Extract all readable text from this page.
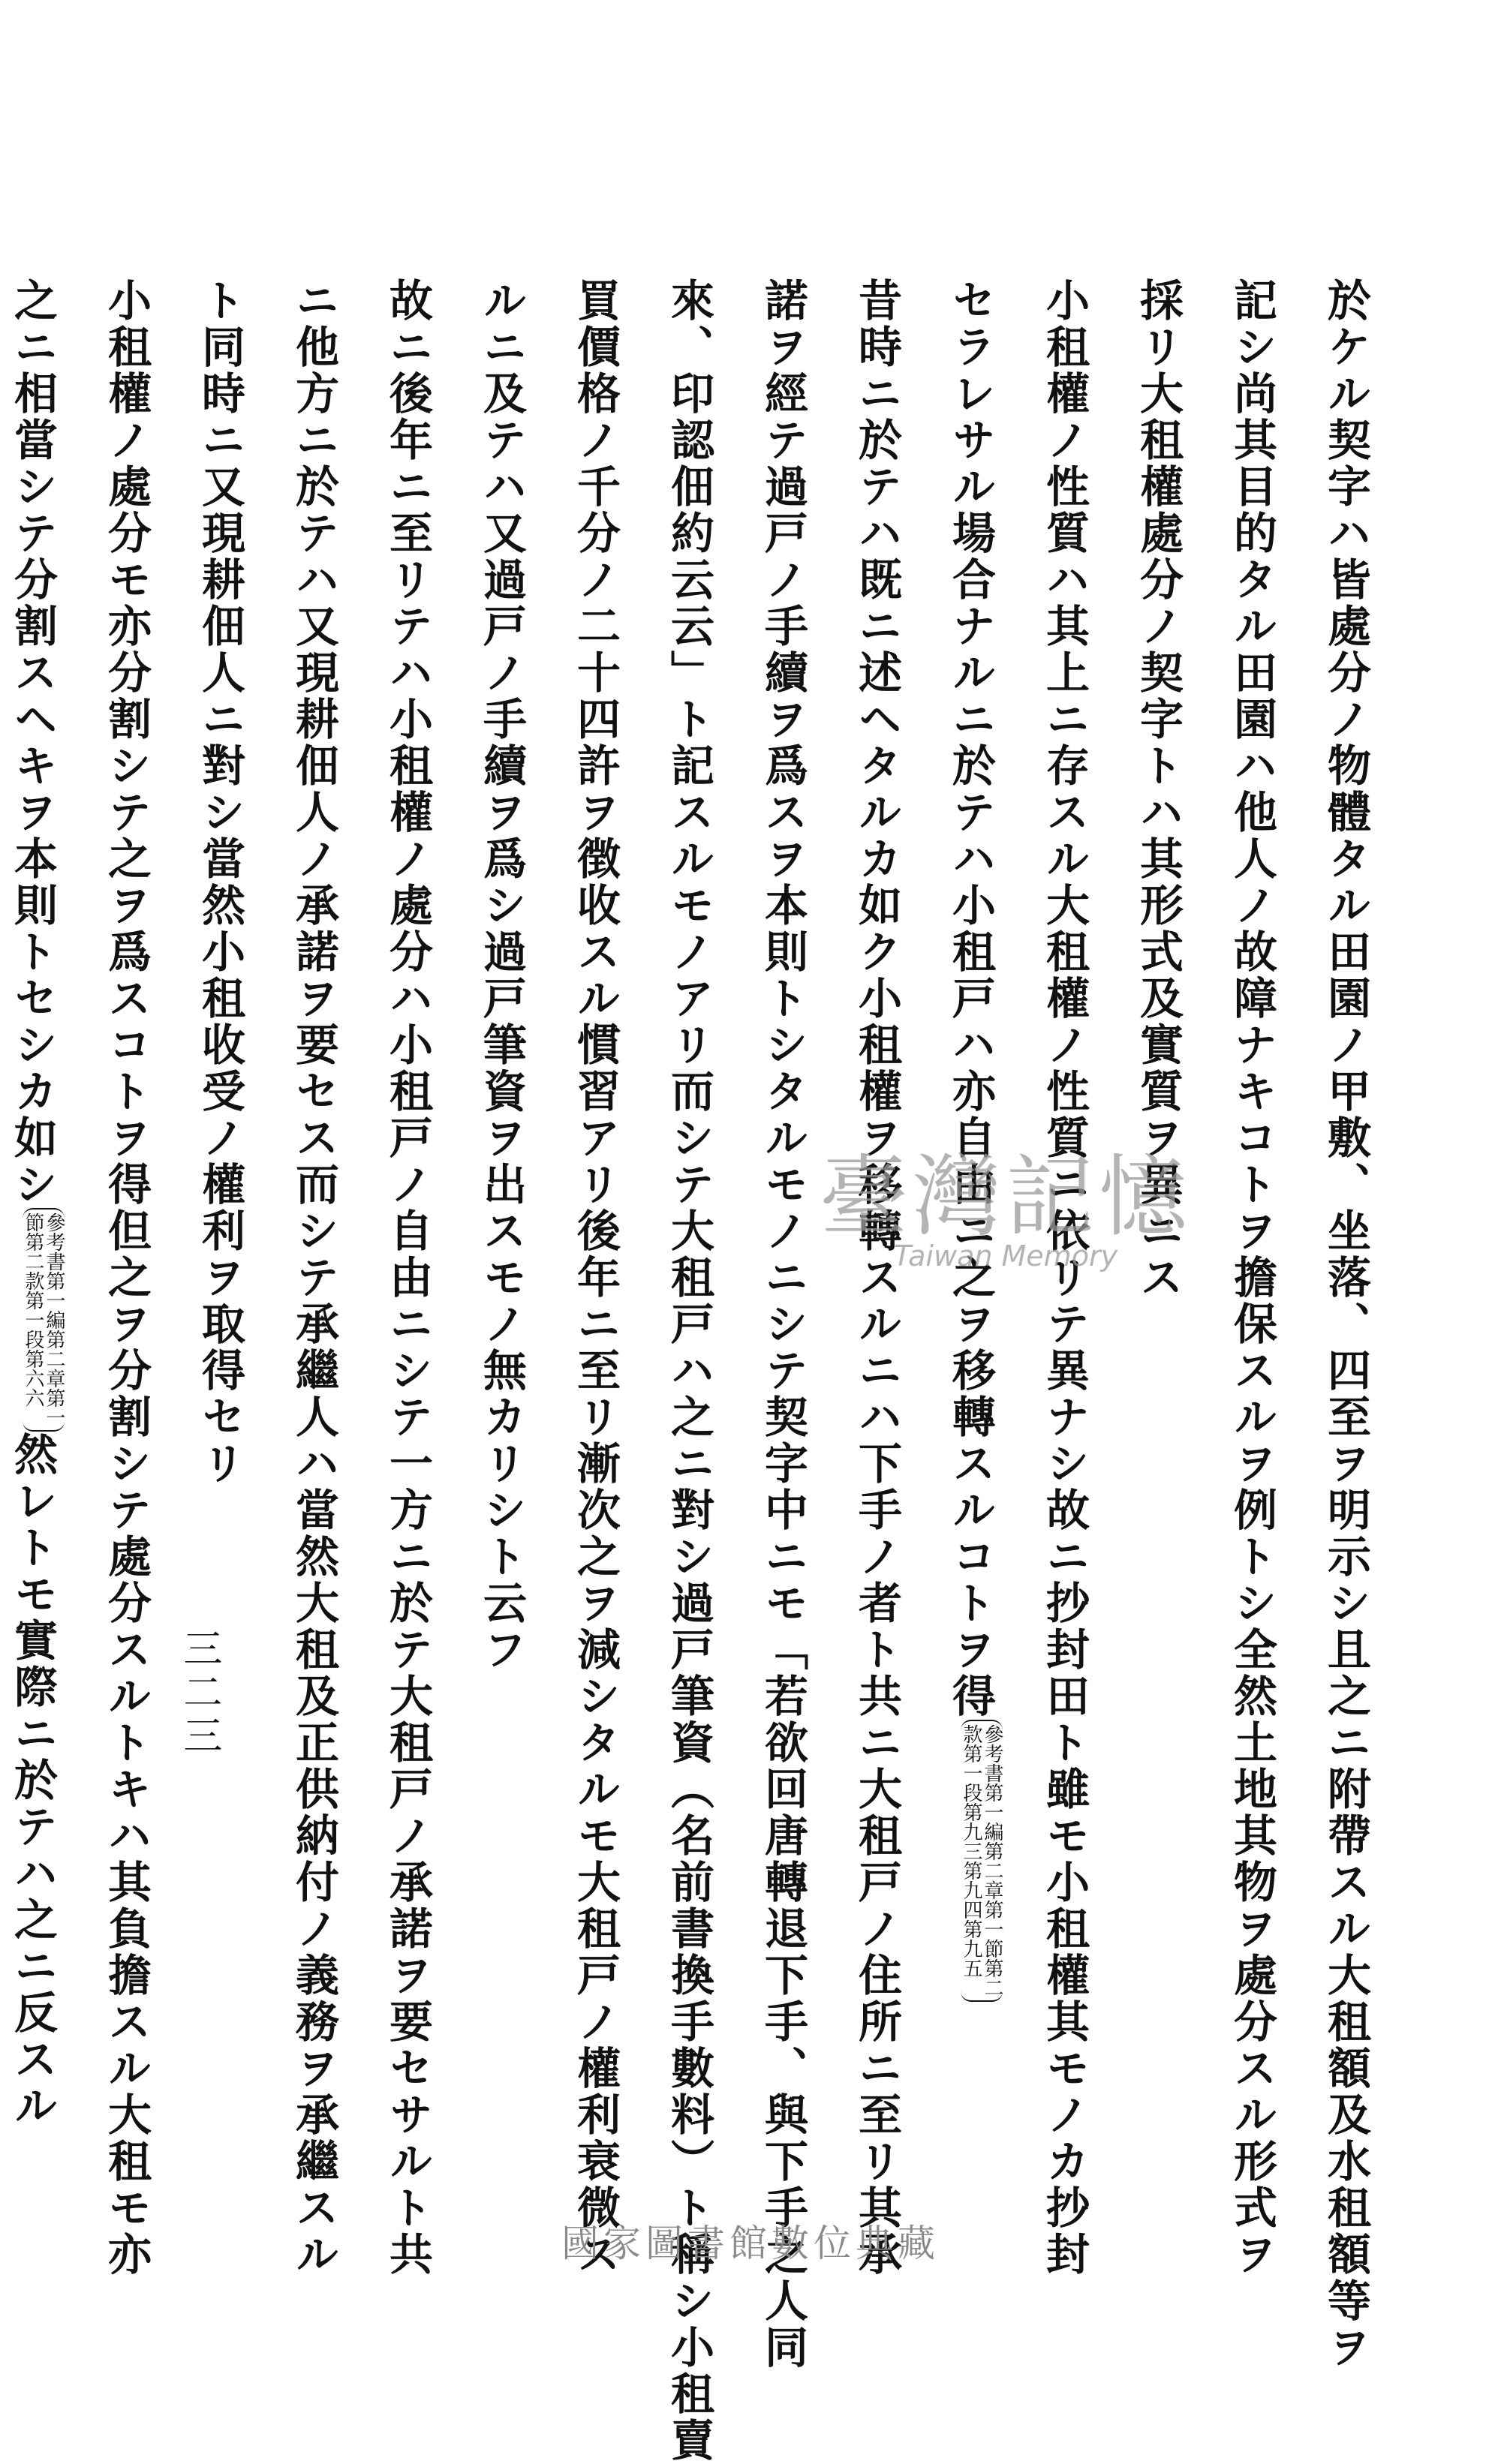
於ケル契字ハ皆處分ノ物體タル田園ノ甲敷、坐落、四至ヲ明示シ且之ニ附帶スル大租額及水租額等ヲ
記シ尚其目的タル田園ハ他人ノ故障ナキコトヲ擔保スルヲ例トシ全然土地其物ヲ處分スル形式ヲ
採リ大租權處分ノ契字トハ其形式及實質ヲ異ニス
小租權ノ性質ハ其上ニ存スル大租權ノ性質ニ依リテ異ナシ故ニ抄封田ト雖モ小租權其モノカ抄封
セラレサル場合ナルニ於テハ小租戸ハ亦自由ニ之ヲ移轉スルコトヲ得
參考書第一編第二章第一節第二
款第一段第九三第九四第九五
昔時ニ於テハ既ニ述ヘタルカ如ク小租權ヲ移轉スルニハ下手ノ者ト共ニ大租戸ノ住所ニ至リ其承
諾ヲ經テ過戸ノ手續ヲ爲スヲ本則トシタルモノニシテ契字中ニモ「若欲回唐轉退下手、與下手之人同
來、印認佃約云云」ト記スルモノアリ而シテ大租戸ハ之ニ對シ過戸筆資（名前書換手數料）ト稱シ小租賣
買價格ノ千分ノ二十四許ヲ徴收スル慣習アリ後年ニ至リ漸次之ヲ減シタルモ大租戸ノ權利衰微ス
ルニ及テハ又過戸ノ手續ヲ爲シ過戸筆資ヲ出スモノ無カリシト云フ
故ニ後年ニ至リテハ小租權ノ處分ハ小租戸ノ自由ニシテ一方ニ於テ大租戸ノ承諾ヲ要セサルト共
ニ他方ニ於テハ又現耕佃人ノ承諾ヲ要セス而シテ承繼人ハ當然大租及正供納付ノ義務ヲ承繼スル
ト同時ニ又現耕佃人ニ對シ當然小租收受ノ權利ヲ取得セリ
小租權ノ處分モ亦分割シテ之ヲ爲スコトヲ得但之ヲ分割シテ處分スルトキハ其負擔スル大租モ亦
之ニ相當シテ分割スヘキヲ本則トセシカ如シ
參考書第一編第二章第一
節第二款第一段第六六
然レトモ實際ニ於テハ之ニ反スル	三二三
臺灣記憶
Taiwan Memory
國家圖書館數位典藏
